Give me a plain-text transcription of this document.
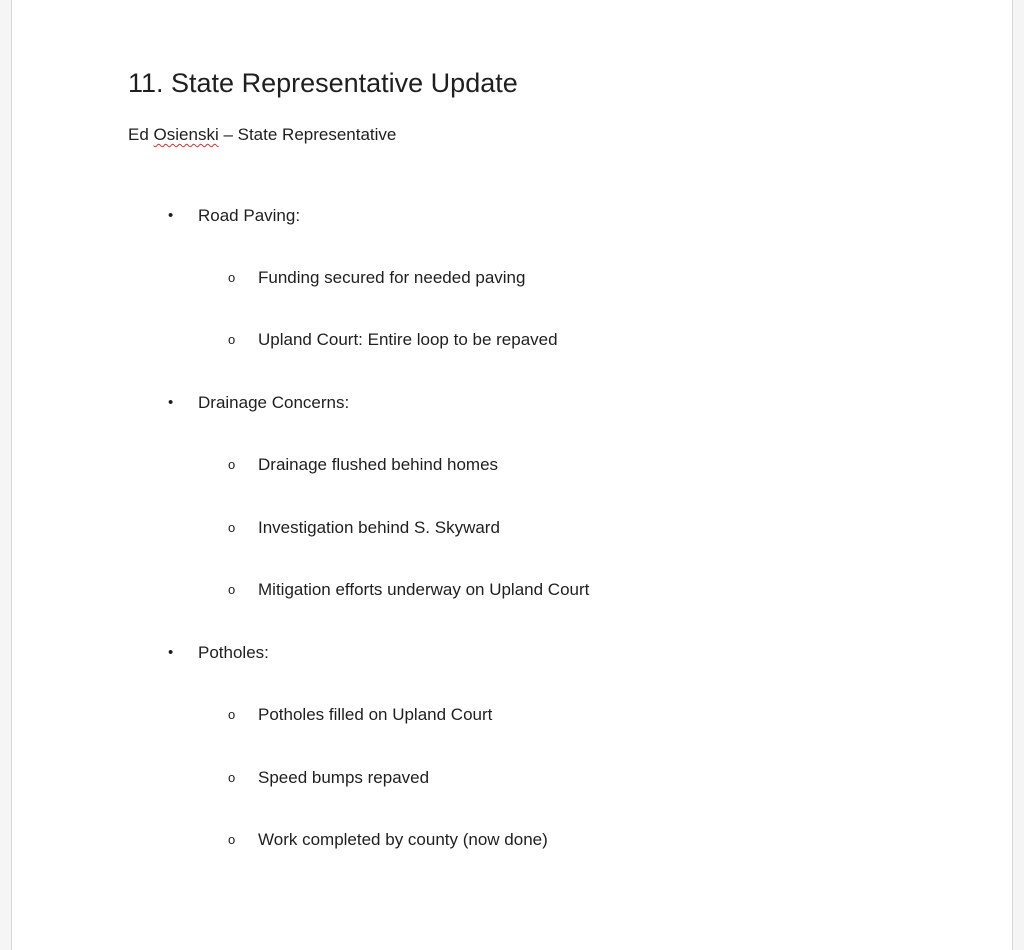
11. State Representative Update
Ed Osienski – State Representative
• Road Paving:
o Funding secured for needed paving
o Upland Court: Entire loop to be repaved
• Drainage Concerns:
o Drainage flushed behind homes
o Investigation behind S. Skyward
o Mitigation efforts underway on Upland Court
• Potholes:
o Potholes filled on Upland Court
o Speed bumps repaved
o Work completed by county (now done)
